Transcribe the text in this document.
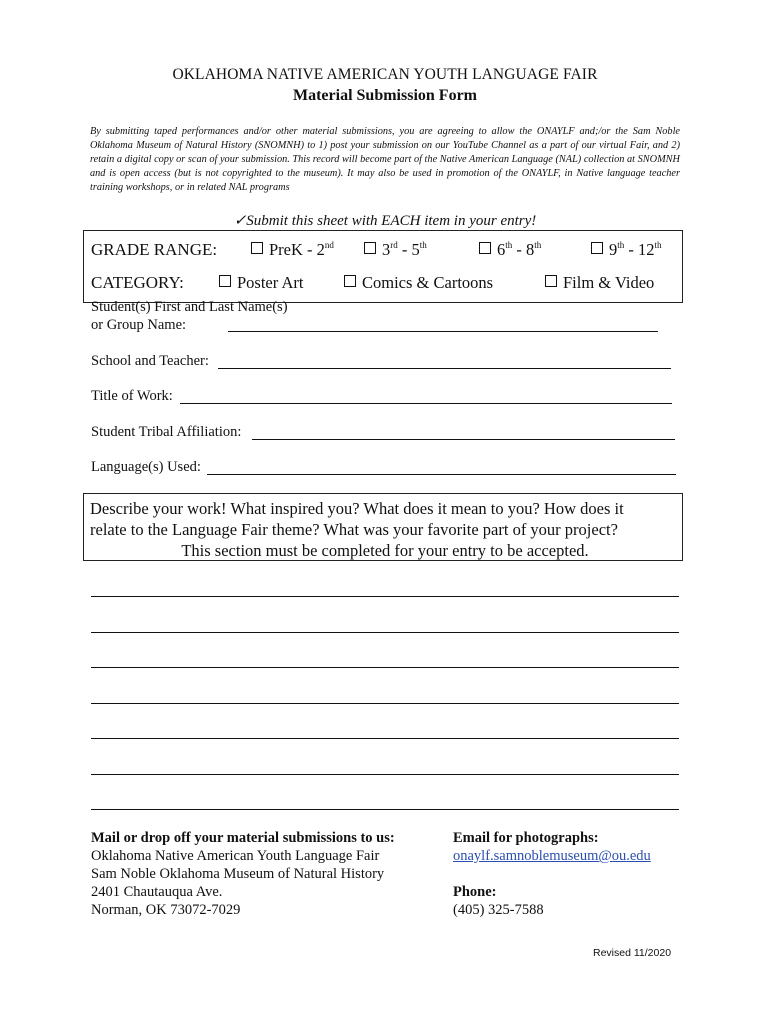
OKLAHOMA NATIVE AMERICAN YOUTH LANGUAGE FAIR
Material Submission Form
By submitting taped performances and/or other material submissions, you are agreeing to allow the ONAYLF and;/or the Sam Noble Oklahoma Museum of Natural History (SNOMNH) to 1) post your submission on our YouTube Channel as a part of our virtual Fair, and 2) retain a digital copy or scan of your submission. This record will become part of the Native American Language (NAL) collection at SNOMNH and is open access (but is not copyrighted to the museum). It may also be used in promotion of the ONAYLF, in Native language teacher training workshops, or in related NAL programs
✓Submit this sheet with EACH item in your entry!
GRADE RANGE:	PreK - 2nd	3rd - 5th	6th - 8th	9th - 12th
CATEGORY:	Poster Art	Comics & Cartoons	Film & Video
Student(s) First and Last Name(s)
or Group Name:
School and Teacher:
Title of Work:
Student Tribal Affiliation:
Language(s) Used:
Describe your work! What inspired you? What does it mean to you? How does it
relate to the Language Fair theme? What was your favorite part of your project?
This section must be completed for your entry to be accepted.
Mail or drop off your material submissions to us:
Oklahoma Native American Youth Language Fair
Sam Noble Oklahoma Museum of Natural History
2401 Chautauqua Ave.
Norman, OK 73072-7029
Email for photographs:
onaylf.samnoblemuseum@ou.edu
Phone:
(405) 325-7588
Revised 11/2020
